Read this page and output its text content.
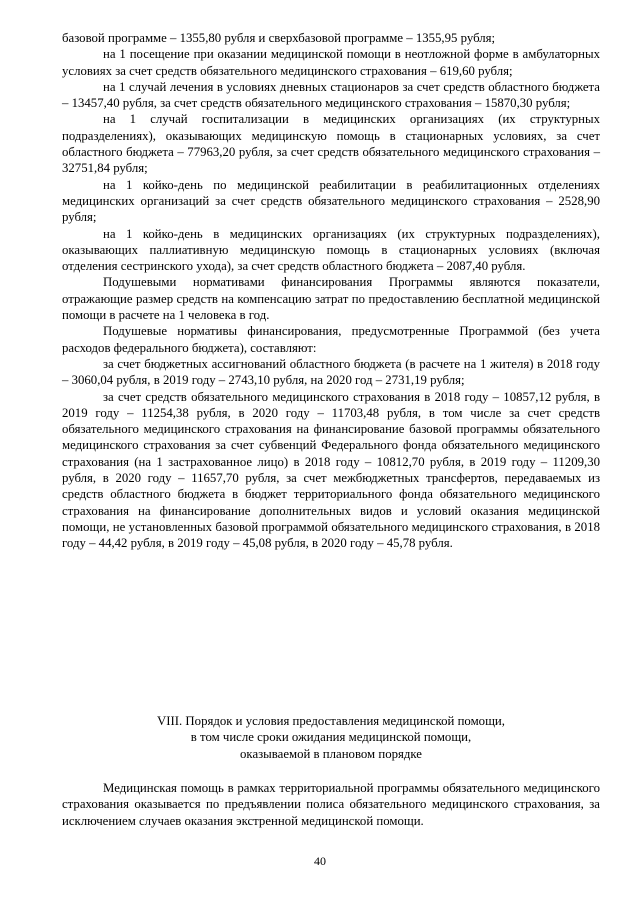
базовой программе – 1355,80 рубля и сверхбазовой программе – 1355,95 рубля;

на 1 посещение при оказании медицинской помощи в неотложной форме в амбулаторных условиях за счет средств обязательного медицинского страхования – 619,60 рубля;

на 1 случай лечения в условиях дневных стационаров за счет средств областного бюджета – 13457,40 рубля, за счет средств обязательного медицинского страхования – 15870,30 рубля;

на 1 случай госпитализации в медицинских организациях (их структурных подразделениях), оказывающих медицинскую помощь в стационарных условиях, за счет областного бюджета – 77963,20 рубля, за счет средств обязательного медицинского страхования – 32751,84 рубля;

на 1 койко-день по медицинской реабилитации в реабилитационных отделениях медицинских организаций за счет средств обязательного медицинского страхования – 2528,90 рубля;

на 1 койко-день в медицинских организациях (их структурных подразделениях), оказывающих паллиативную медицинскую помощь в стационарных условиях (включая отделения сестринского ухода), за счет средств областного бюджета – 2087,40 рубля.

Подушевыми нормативами финансирования Программы являются показатели, отражающие размер средств на компенсацию затрат по предоставлению бесплатной медицинской помощи в расчете на 1 человека в год.

Подушевые нормативы финансирования, предусмотренные Программой (без учета расходов федерального бюджета), составляют:

за счет бюджетных ассигнований областного бюджета (в расчете на 1 жителя) в 2018 году – 3060,04 рубля, в 2019 году – 2743,10 рубля, на 2020 год – 2731,19 рубля;

за счет средств обязательного медицинского страхования в 2018 году – 10857,12 рубля, в 2019 году – 11254,38 рубля, в 2020 году – 11703,48 рубля, в том числе за счет средств обязательного медицинского страхования на финансирование базовой программы обязательного медицинского страхования за счет субвенций Федерального фонда обязательного медицинского страхования (на 1 застрахованное лицо) в 2018 году – 10812,70 рубля, в 2019 году – 11209,30 рубля, в 2020 году – 11657,70 рубля, за счет межбюджетных трансфертов, передаваемых из средств областного бюджета в бюджет территориального фонда обязательного медицинского страхования на финансирование дополнительных видов и условий оказания медицинской помощи, не установленных базовой программой обязательного медицинского страхования, в 2018 году – 44,42 рубля, в 2019 году – 45,08 рубля, в 2020 году – 45,78 рубля.

VIII. Порядок и условия предоставления медицинской помощи,
в том числе сроки ожидания медицинской помощи,
оказываемой в плановом порядке

Медицинская помощь в рамках территориальной программы обязательного медицинского страхования оказывается по предъявлении полиса обязательного медицинского страхования, за исключением случаев оказания экстренной медицинской помощи.

40
